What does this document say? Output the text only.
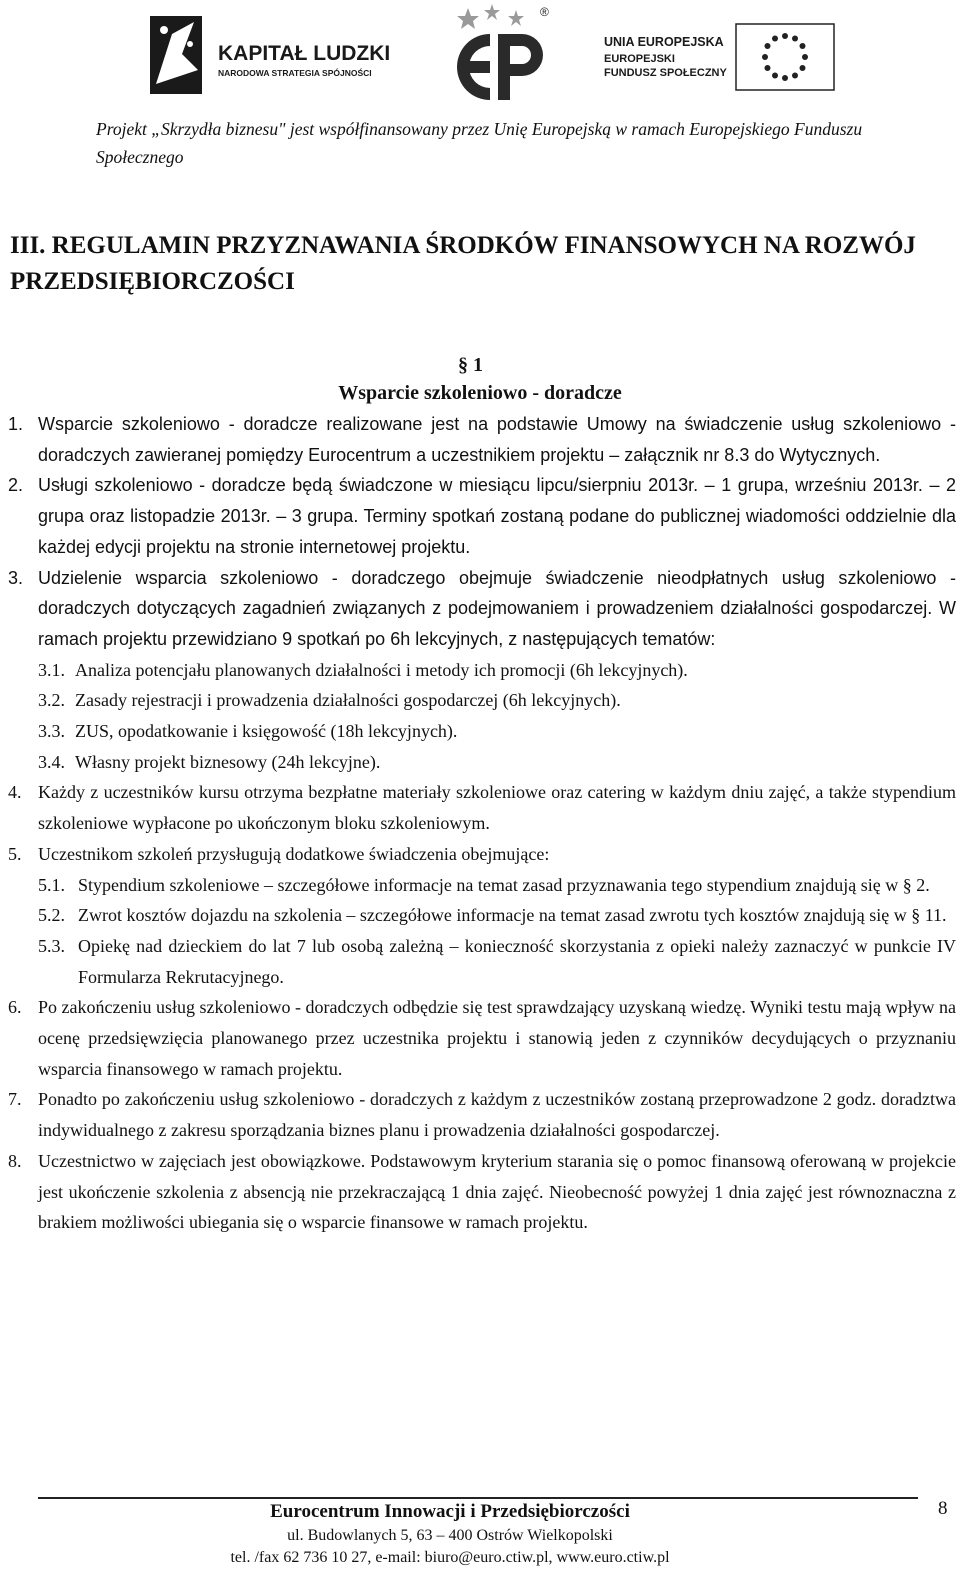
KAPITAŁ LUDZKI
NARODOWA STRATEGIA SPÓJNOŚCI
®
UNIA EUROPEJSKA
EUROPEJSKI
FUNDUSZ SPOŁECZNY
Projekt „Skrzydła biznesu" jest współfinansowany przez Unię Europejską w ramach Europejskiego Funduszu Społecznego
III. REGULAMIN PRZYZNAWANIA ŚRODKÓW FINANSOWYCH NA ROZWÓJ PRZEDSIĘBIORCZOŚCI
§ 1
Wsparcie szkoleniowo - doradcze
1. Wsparcie szkoleniowo - doradcze realizowane jest na podstawie Umowy na świadczenie usług szkoleniowo - doradczych zawieranej pomiędzy Eurocentrum a uczestnikiem projektu – załącznik nr 8.3 do Wytycznych.
2. Usługi szkoleniowo - doradcze będą świadczone w miesiącu lipcu/sierpniu 2013r. – 1 grupa, wrześniu 2013r. – 2 grupa oraz listopadzie 2013r. – 3 grupa. Terminy spotkań zostaną podane do publicznej wiadomości oddzielnie dla każdej edycji projektu na stronie internetowej projektu.
3. Udzielenie wsparcia szkoleniowo - doradczego obejmuje świadczenie nieodpłatnych usług szkoleniowo - doradczych dotyczących zagadnień związanych z podejmowaniem i prowadzeniem działalności gospodarczej. W ramach projektu przewidziano 9 spotkań po 6h lekcyjnych, z następujących tematów:
3.1. Analiza potencjału planowanych działalności i metody ich promocji (6h lekcyjnych).
3.2. Zasady rejestracji i prowadzenia działalności gospodarczej (6h lekcyjnych).
3.3. ZUS, opodatkowanie i księgowość (18h lekcyjnych).
3.4. Własny projekt biznesowy (24h lekcyjne).
4. Każdy z uczestników kursu otrzyma bezpłatne materiały szkoleniowe oraz catering w każdym dniu zajęć, a także stypendium szkoleniowe wypłacone po ukończonym bloku szkoleniowym.
5. Uczestnikom szkoleń przysługują dodatkowe świadczenia obejmujące:
5.1. Stypendium szkoleniowe – szczegółowe informacje na temat zasad przyznawania tego stypendium znajdują się w § 2.
5.2. Zwrot kosztów dojazdu na szkolenia – szczegółowe informacje na temat zasad zwrotu tych kosztów znajdują się w § 11.
5.3. Opiekę nad dzieckiem do lat 7 lub osobą zależną – konieczność skorzystania z opieki należy zaznaczyć w punkcie IV Formularza Rekrutacyjnego.
6. Po zakończeniu usług szkoleniowo - doradczych odbędzie się test sprawdzający uzyskaną wiedzę. Wyniki testu mają wpływ na ocenę przedsięwzięcia planowanego przez uczestnika projektu i stanowią jeden z czynników decydujących o przyznaniu wsparcia finansowego w ramach projektu.
7. Ponadto po zakończeniu usług szkoleniowo - doradczych z każdym z uczestników zostaną przeprowadzone 2 godz. doradztwa indywidualnego z zakresu sporządzania biznes planu i prowadzenia działalności gospodarczej.
8. Uczestnictwo w zajęciach jest obowiązkowe. Podstawowym kryterium starania się o pomoc finansową oferowaną w projekcie jest ukończenie szkolenia z absencją nie przekraczającą 1 dnia zajęć. Nieobecność powyżej 1 dnia zajęć jest równoznaczna z brakiem możliwości ubiegania się o wsparcie finansowe w ramach projektu.
Eurocentrum Innowacji i Przedsiębiorczości
ul. Budowlanych 5, 63 – 400 Ostrów Wielkopolski
tel. /fax 62 736 10 27, e-mail: biuro@euro.ctiw.pl, www.euro.ctiw.pl
8
